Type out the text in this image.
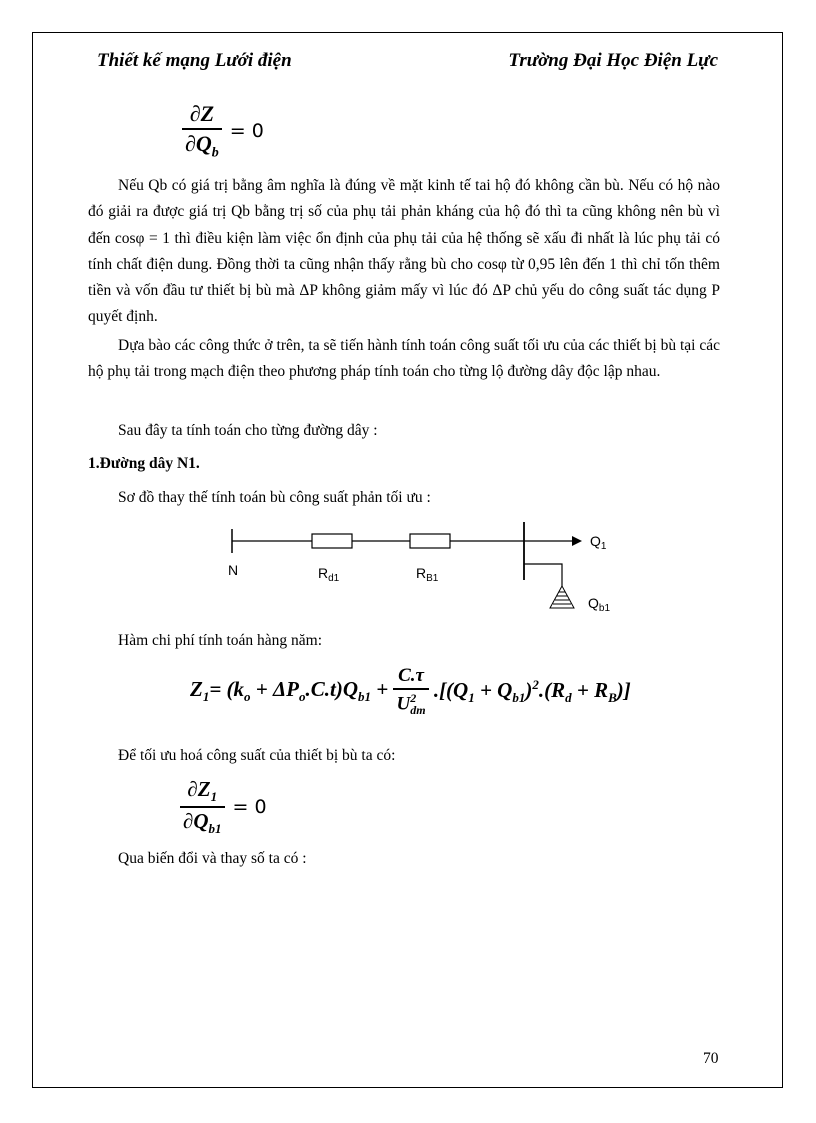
Thiết kế mạng Lưới điện	Trường Đại Học Điện Lực
$\frac{\partial Z}{\partial Q_b} = 0$

Nếu Qb có giá trị bằng âm nghĩa là đúng về mặt kinh tế tai hộ đó không cần bù. Nếu có hộ nào đó giải ra được giá trị Qb bằng trị số của phụ tải phản kháng của hộ đó thì ta cũng không nên bù vì đến cosφ = 1 thì điều kiện làm việc ổn định của phụ tải của hệ thống sẽ xấu đi nhất là lúc phụ tải có tính chất điện dung. Đồng thời ta cũng nhận thấy rằng bù cho cosφ từ 0,95 lên đến 1 thì chỉ tốn thêm tiền và vốn đầu tư thiết bị bù mà ΔP không giảm mấy vì lúc đó ΔP chủ yếu do công suất tác dụng P quyết định.

Dựa bào các công thức ở trên, ta sẽ tiến hành tính toán công suất tối ưu của các thiết bị bù tại các hộ phụ tải trong mạch điện theo phương pháp tính toán cho từng lộ đường dây độc lập nhau.

Sau đây ta tính toán cho từng đường dây :

1.Đường dây N1.

Sơ đồ thay thế tính toán bù công suất phản tối ưu :

N	$R_{d1}$	$R_{B1}$
$Q_1$
$Q_{b1}$

Hàm chi phí tính toán hàng năm:

$Z_1= (k_o + \Delta P_o.C.t)Q_{b1} + \frac{C.\tau}{U^2_{dm}} .[(Q_1 + Q_{b1})^2.(R_d + R_B)]$

Để tối ưu hoá công suất của thiết bị bù ta có:

$\frac{\partial Z_1}{\partial Q_{b1}} = 0$

Qua biến đổi và thay số ta có :

70
